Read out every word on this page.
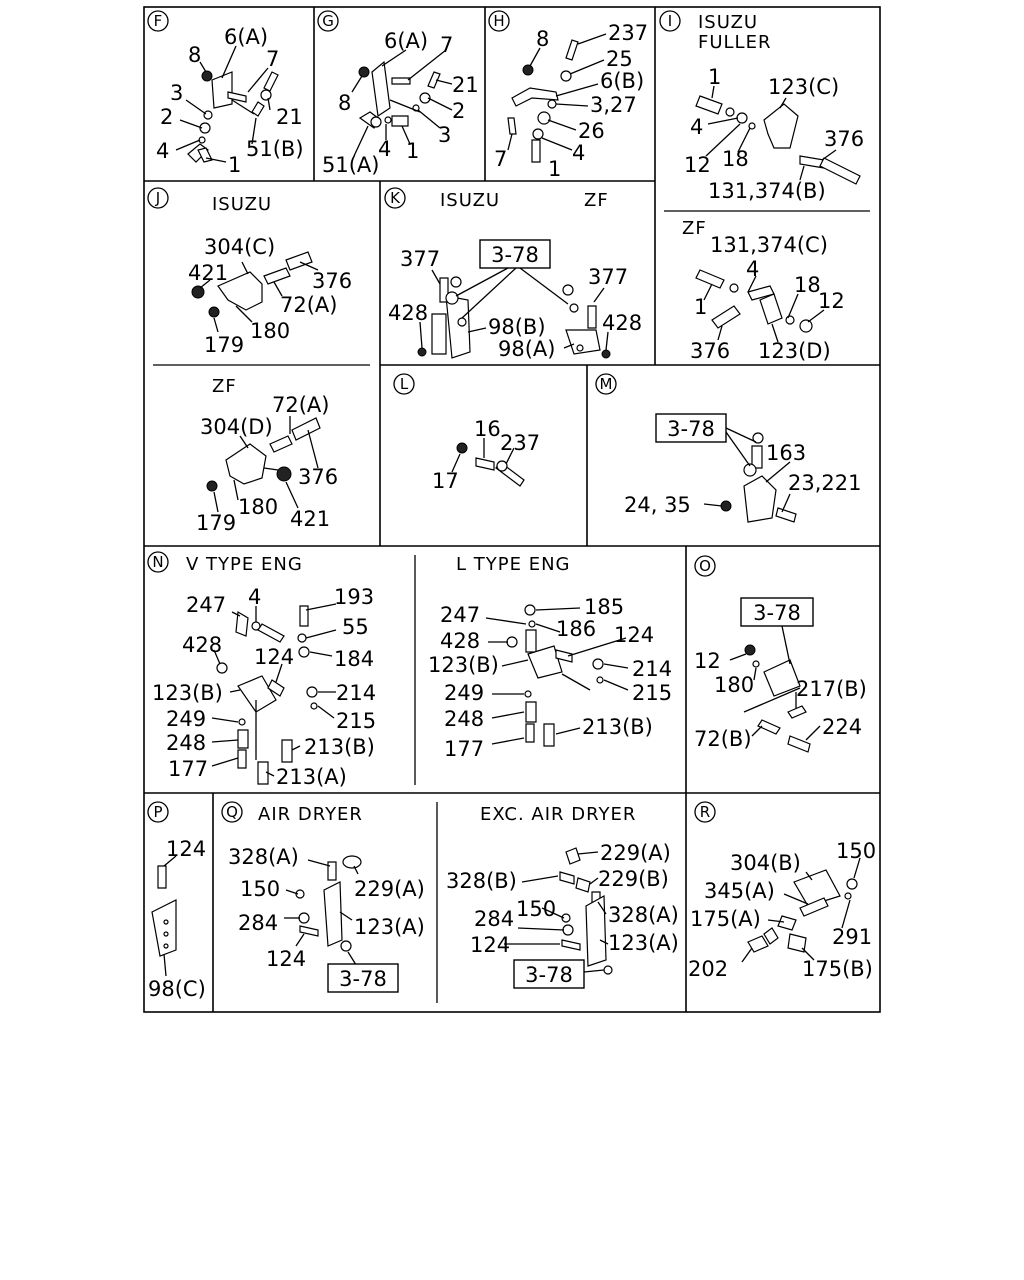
F
6(A)
8	7
3
21
2
51(B)
4
1
G
6(A) 7
8
21
2
3
51(A)
4 1
H	237
8
25
6(B)
3,27
26
7	4
1
I ISUZU
FULLER
1 123(C)
4	376
12 18
131,374(B)
ZF
131,374(C)
4
18
12
1
376 123(D)
J	ISUZU
304(C)
421	376
72(A)
180
179
ZF
72(A)
304(D)
376
179
180 421
K ISUZU	ZF
3-78
377
377
428
98(B)	428
98(A)
L
16
237
17
M
3-78
163
23,221
24, 35
N V TYPE ENG	L TYPE ENG
247 4	193
55
428 124 184
123(B)	214
249	215
248	213(B)
177	213(A)
247	185
186 124
428
123(B)	214
215
249
248	213(B)
177
O
3-78
12
180 217(B)
224
72(B)
P
124
98(C)
Q AIR DRYER	EXC. AIR DRYER
328(A)
229(A)
150
284	123(A)
124
3-78
229(A)
328(B)	229(B)
284 150 328(A)
124	123(A)
3-78
R
304(B) 150
345(A)
175(A)
291
202	175(B)
